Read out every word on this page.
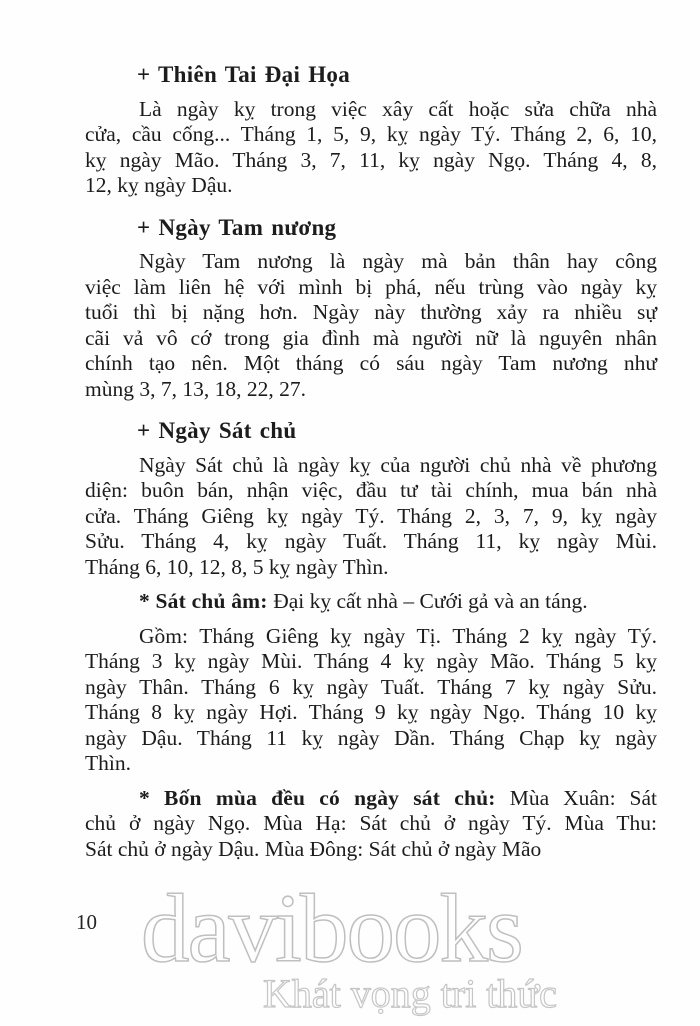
+ Thiên Tai Đại Họa

Là ngày kỵ trong việc xây cất hoặc sửa chữa nhà
cửa, cầu cống... Tháng 1, 5, 9, kỵ ngày Tý. Tháng 2, 6, 10,
kỵ ngày Mão. Tháng 3, 7, 11, kỵ ngày Ngọ. Tháng 4, 8,
12, kỵ ngày Dậu.

+ Ngày Tam nương

Ngày Tam nương là ngày mà bản thân hay công
việc làm liên hệ với mình bị phá, nếu trùng vào ngày kỵ
tuổi thì bị nặng hơn. Ngày này thường xảy ra nhiều sự
cãi vả vô cớ trong gia đình mà người nữ là nguyên nhân
chính tạo nên. Một tháng có sáu ngày Tam nương như
mùng 3, 7, 13, 18, 22, 27.

+ Ngày Sát chủ

Ngày Sát chủ là ngày kỵ của người chủ nhà về phương
diện: buôn bán, nhận việc, đầu tư tài chính, mua bán nhà
cửa. Tháng Giêng kỵ ngày Tý. Tháng 2, 3, 7, 9, kỵ ngày
Sửu. Tháng 4, kỵ ngày Tuất. Tháng 11, kỵ ngày Mùi.
Tháng 6, 10, 12, 8, 5 kỵ ngày Thìn.

* Sát chủ âm: Đại kỵ cất nhà – Cưới gả và an táng.

Gồm: Tháng Giêng kỵ ngày Tị. Tháng 2 kỵ ngày Tý.
Tháng 3 kỵ ngày Mùi. Tháng 4 kỵ ngày Mão. Tháng 5 kỵ
ngày Thân. Tháng 6 kỵ ngày Tuất. Tháng 7 kỵ ngày Sửu.
Tháng 8 kỵ ngày Hợi. Tháng 9 kỵ ngày Ngọ. Tháng 10 kỵ
ngày Dậu. Tháng 11 kỵ ngày Dần. Tháng Chạp kỵ ngày
Thìn.

* Bốn mùa đều có ngày sát chủ: Mùa Xuân: Sát
chủ ở ngày Ngọ. Mùa Hạ: Sát chủ ở ngày Tý. Mùa Thu:
Sát chủ ở ngày Dậu. Mùa Đông: Sát chủ ở ngày Mão

10 davibooks
Khát vọng tri thức
